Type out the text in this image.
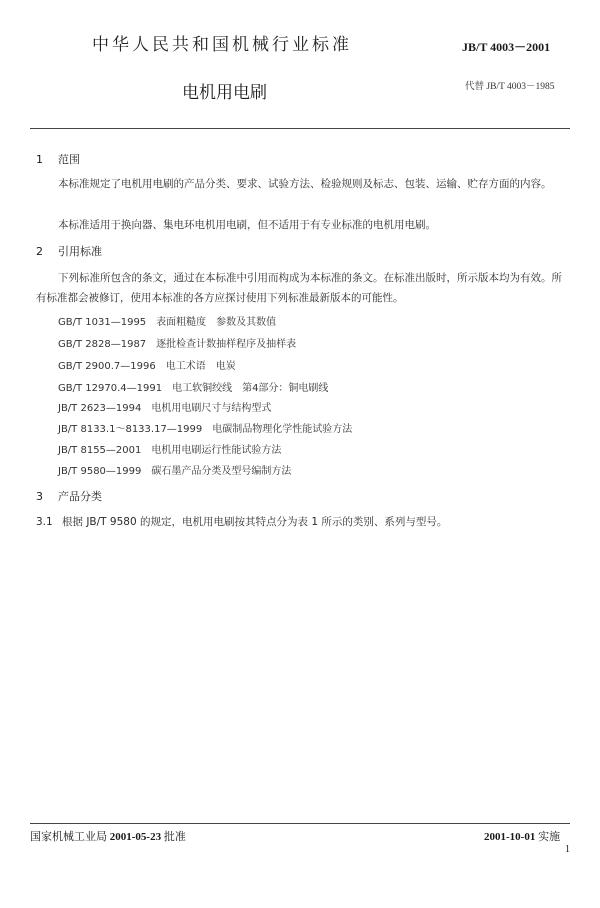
中华人民共和国机械行业标准	JB/T 4003－2001
电机用电刷	代替 JB/T 4003－1985
1 范围
本标准规定了电机用电刷的产品分类、要求、试验方法、检验规则及标志、包装、运输、贮存方面的内容。
本标准适用于换向器、集电环电机用电刷，但不适用于有专业标准的电机用电刷。
2 引用标准
下列标准所包含的条文，通过在本标准中引用而构成为本标准的条文。在标准出版时，所示版本均为有效。所有标准都会被修订，使用本标准的各方应探讨使用下列标准最新版本的可能性。
GB/T 1031—1995　表面粗糙度　参数及其数值
GB/T 2828—1987　逐批检查计数抽样程序及抽样表
GB/T 2900.7—1996　电工术语　电炭
GB/T 12970.4—1991　电工软铜绞线　第4部分：铜电刷线
JB/T 2623—1994　电机用电刷尺寸与结构型式
JB/T 8133.1～8133.17—1999　电碳制品物理化学性能试验方法
JB/T 8155—2001　电机用电刷运行性能试验方法
JB/T 9580—1999　碳石墨产品分类及型号编制方法
3 产品分类
3.1 根据 JB/T 9580 的规定，电机用电刷按其特点分为表 1 所示的类别、系列与型号。
国家机械工业局 2001-05-23 批准	2001-10-01 实施
1
